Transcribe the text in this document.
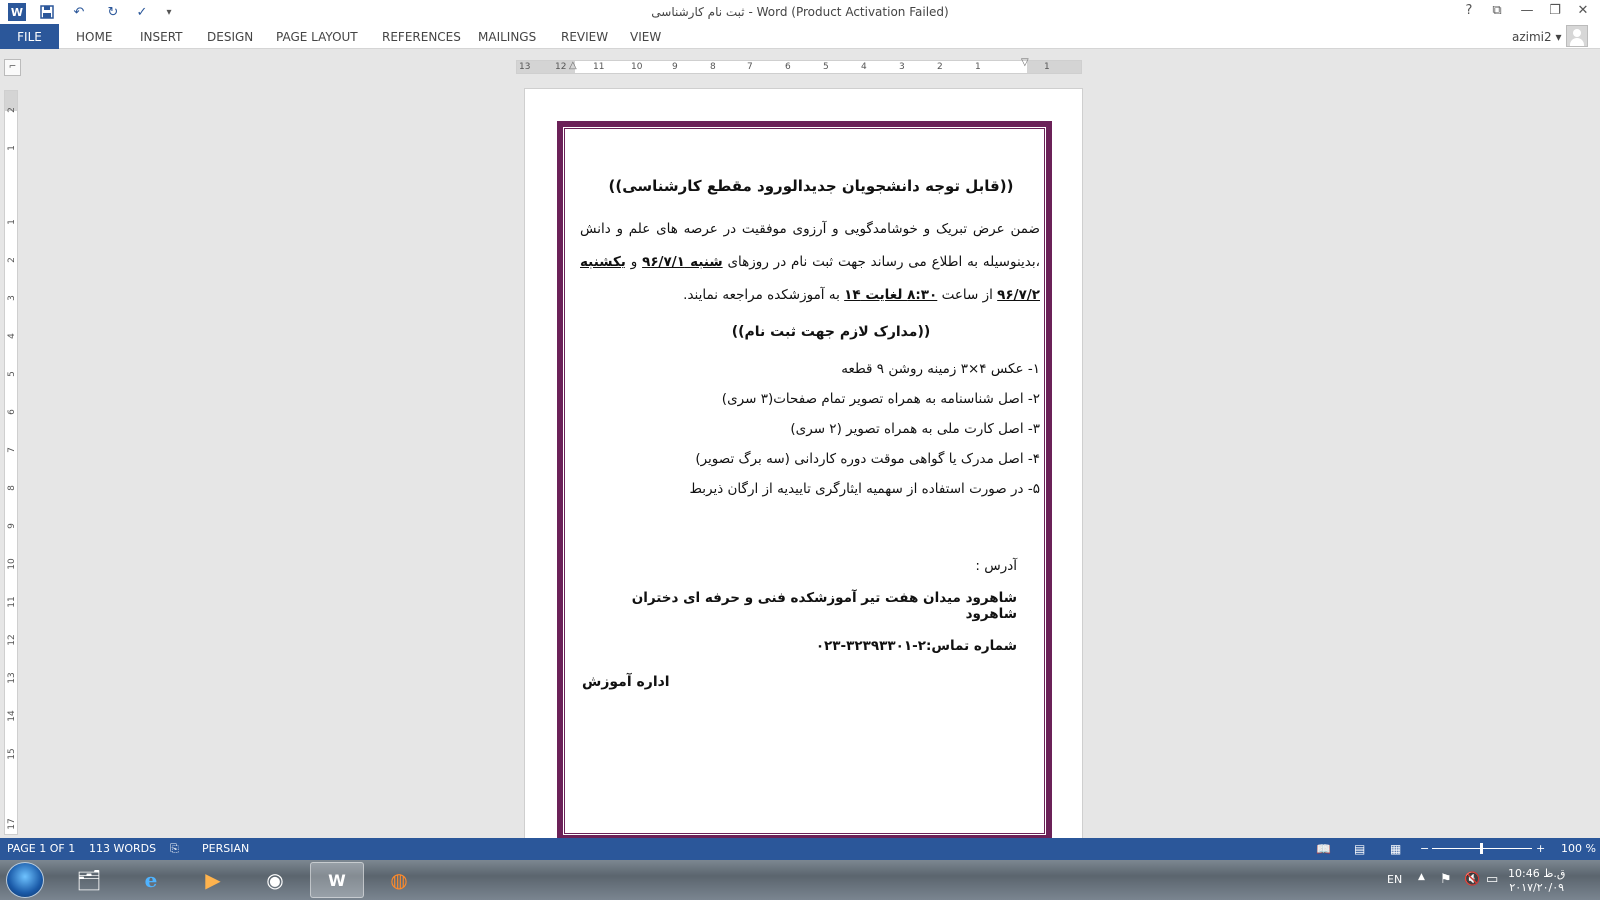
W	↶	↻	✓	▾	ثبت نام کارشناسی - Word (Product Activation Failed)	?	⧉	—	❐	✕
FILE	HOME INSERT DESIGN PAGE LAYOUT REFERENCES MAILINGS REVIEW VIEW	azimi2 ▾
⌐	13	12	11	10	9	8	7	6	5	4	3	2	1	1
△	▽
2
1
1
2
3
4
5
6
7
8
9
10
11
12
13
14
15
17
((قابل توجه دانشجویان جدیدالورود مقطع کارشناسی))
ضمن عرض تبریک و خوشامدگویی و آرزوی موفقیت در عرصه های علم و دانش ،بدینوسیله به اطلاع می رساند جهت ثبت نام در روزهای شنبه ۹۶/۷/۱ و یکشنبه ۹۶/۷/۲ از ساعت ۸:۳۰ لغایت ۱۴ به آموزشکده مراجعه نمایند.
((مدارک لازم جهت ثبت نام))
۱- عکس ۴×۳ زمینه روشن ۹ قطعه
۲- اصل شناسنامه به همراه تصویر تمام صفحات(۳ سری)
۳- اصل کارت ملی به همراه تصویر (۲ سری)
۴- اصل مدرک یا گواهی موقت دوره کاردانی (سه برگ تصویر)
۵- در صورت استفاده از سهمیه ایثارگری تاییدیه از ارگان ذیربط
آدرس :
شاهرود میدان هفت تیر آموزشکده فنی و حرفه ای دختران شاهرود
شماره تماس:۲-۳۲۳۹۳۳۰۱-۰۲۳
اداره آموزش
PAGE 1 OF 1 113 WORDS ⎘ PERSIAN	📖 ▤ ▦ −	+ 100 %
🗂	e	▶	◉	W	◍	EN ▲ ⚑ 🔇 ▭ 10:46 ق.ظ
۲۰۱۷/۲۰/۰۹
